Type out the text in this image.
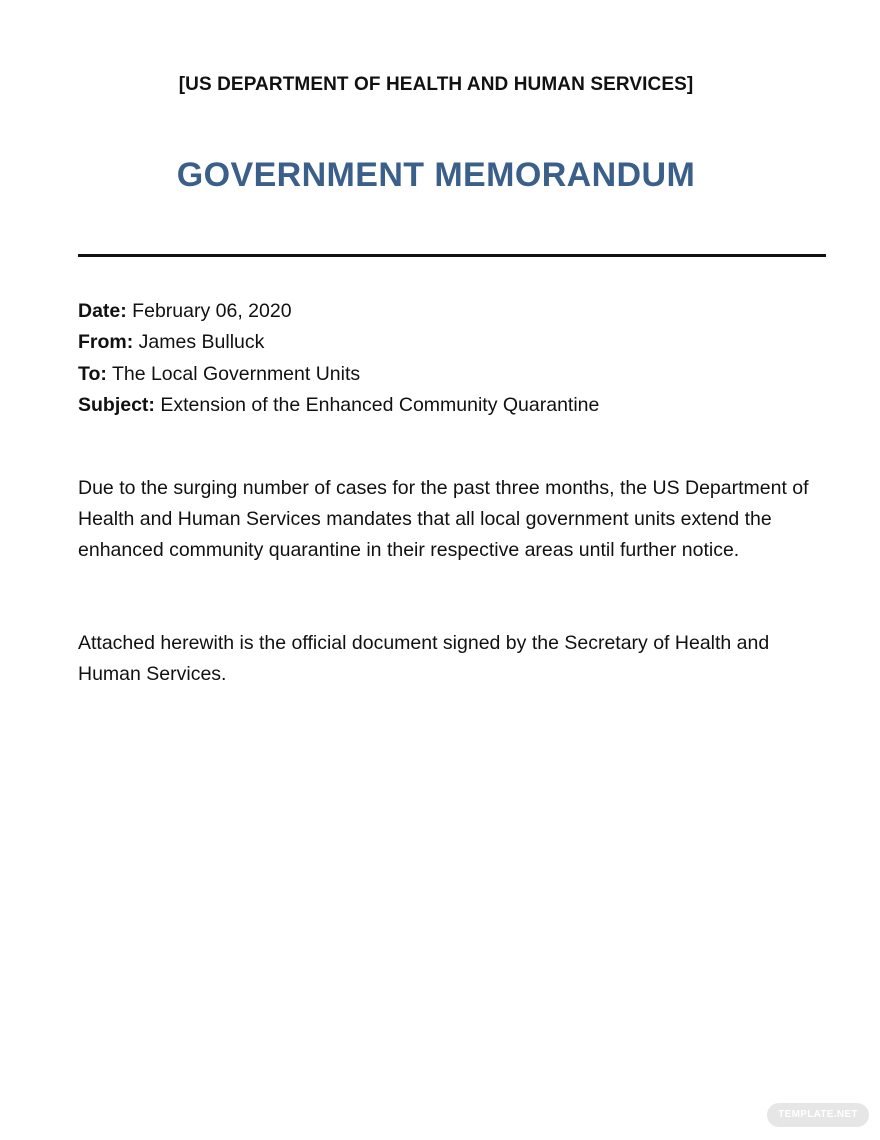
[US DEPARTMENT OF HEALTH AND HUMAN SERVICES]
GOVERNMENT MEMORANDUM
Date: February 06, 2020
From: James Bulluck
To: The Local Government Units
Subject: Extension of the Enhanced Community Quarantine

Due to the surging number of cases for the past three months, the US Department of Health and Human Services mandates that all local government units extend the enhanced community quarantine in their respective areas until further notice.

Attached herewith is the official document signed by the Secretary of Health and Human Services.

TEMPLATE.NET
